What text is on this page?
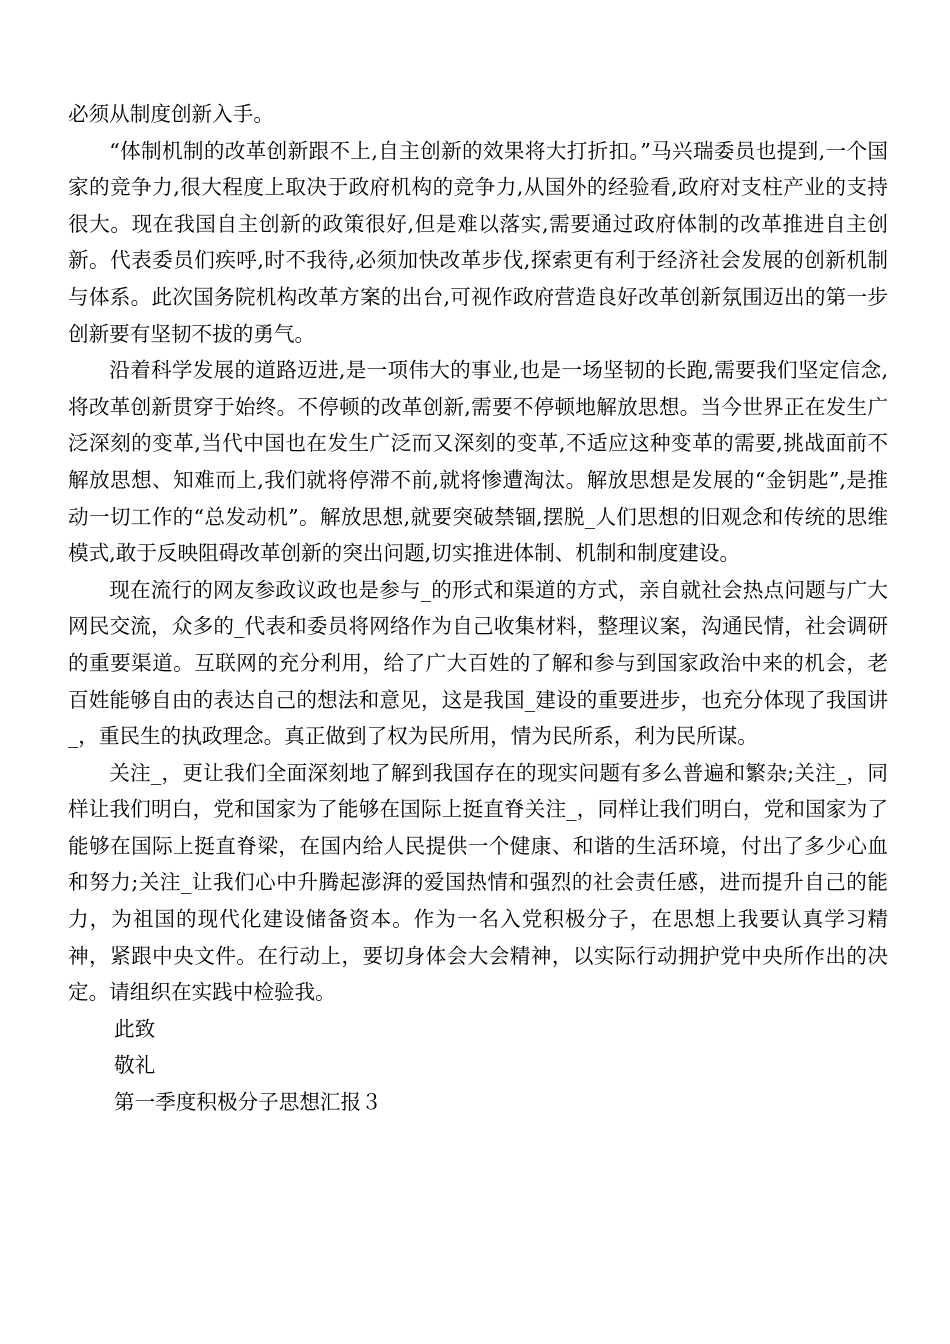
必须从制度创新入手。

“体制机制的改革创新跟不上,自主创新的效果将大打折扣。”马兴瑞委员也提到,一个国家的竞争力,很大程度上取决于政府机构的竞争力,从国外的经验看,政府对支柱产业的支持很大。现在我国自主创新的政策很好,但是难以落实,需要通过政府体制的改革推进自主创新。代表委员们疾呼,时不我待,必须加快改革步伐,探索更有利于经济社会发展的创新机制与体系。此次国务院机构改革方案的出台,可视作政府营造良好改革创新氛围迈出的第一步创新要有坚韧不拔的勇气。

沿着科学发展的道路迈进,是一项伟大的事业,也是一场坚韧的长跑,需要我们坚定信念,将改革创新贯穿于始终。不停顿的改革创新,需要不停顿地解放思想。当今世界正在发生广泛深刻的变革,当代中国也在发生广泛而又深刻的变革,不适应这种变革的需要,挑战面前不解放思想、知难而上,我们就将停滞不前,就将惨遭淘汰。解放思想是发展的“金钥匙”,是推动一切工作的“总发动机”。解放思想,就要突破禁锢,摆脱_人们思想的旧观念和传统的思维模式,敢于反映阻碍改革创新的突出问题,切实推进体制、机制和制度建设。

现在流行的网友参政议政也是参与_的形式和渠道的方式，亲自就社会热点问题与广大网民交流，众多的_代表和委员将网络作为自己收集材料，整理议案，沟通民情，社会调研的重要渠道。互联网的充分利用，给了广大百姓的了解和参与到国家政治中来的机会，老百姓能够自由的表达自己的想法和意见，这是我国_建设的重要进步，也充分体现了我国讲_，重民生的执政理念。真正做到了权为民所用，情为民所系，利为民所谋。

关注_，更让我们全面深刻地了解到我国存在的现实问题有多么普遍和繁杂;关注_，同样让我们明白，党和国家为了能够在国际上挺直脊关注_，同样让我们明白，党和国家为了能够在国际上挺直脊梁，在国内给人民提供一个健康、和谐的生活环境，付出了多少心血和努力;关注_让我们心中升腾起澎湃的爱国热情和强烈的社会责任感，进而提升自己的能力，为祖国的现代化建设储备资本。作为一名入党积极分子，在思想上我要认真学习精神，紧跟中央文件。在行动上，要切身体会大会精神，以实际行动拥护党中央所作出的决定。请组织在实践中检验我。

此致

敬礼

第一季度积极分子思想汇报３
